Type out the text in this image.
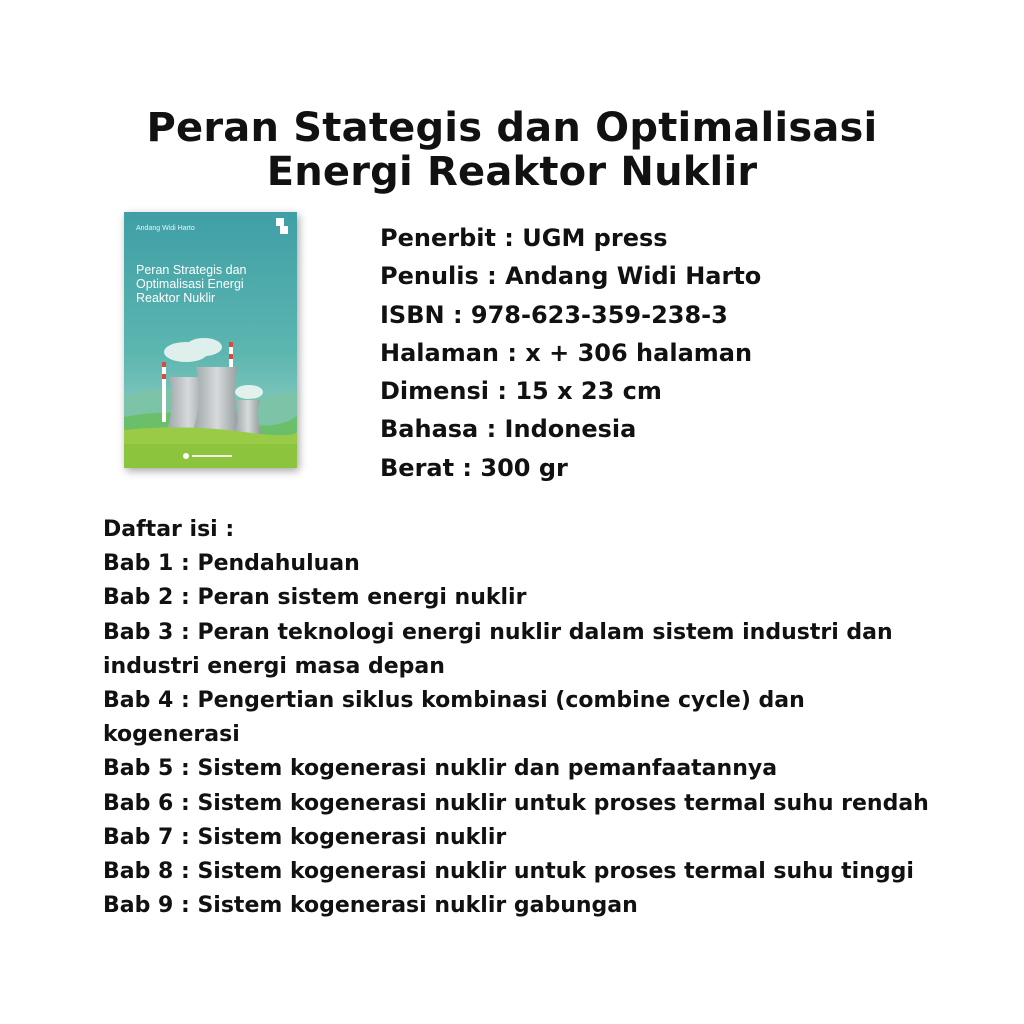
Peran Stategis dan Optimalisasi
Energi Reaktor Nuklir
Andang Widi Harto
Peran Strategis dan
Optimalisasi Energi
Reaktor Nuklir
Penerbit : UGM press
Penulis : Andang Widi Harto
ISBN : 978-623-359-238-3
Halaman : x + 306 halaman
Dimensi : 15 x 23 cm
Bahasa : Indonesia
Berat : 300 gr
Daftar isi :
Bab 1 : Pendahuluan
Bab 2 : Peran sistem energi nuklir
Bab 3 : Peran teknologi energi nuklir dalam sistem industri dan industri energi masa depan
Bab 4 : Pengertian siklus kombinasi (combine cycle) dan kogenerasi
Bab 5 : Sistem kogenerasi nuklir dan pemanfaatannya
Bab 6 : Sistem kogenerasi nuklir untuk proses termal suhu rendah
Bab 7 : Sistem kogenerasi nuklir
Bab 8 : Sistem kogenerasi nuklir untuk proses termal suhu tinggi
Bab 9 : Sistem kogenerasi nuklir gabungan
